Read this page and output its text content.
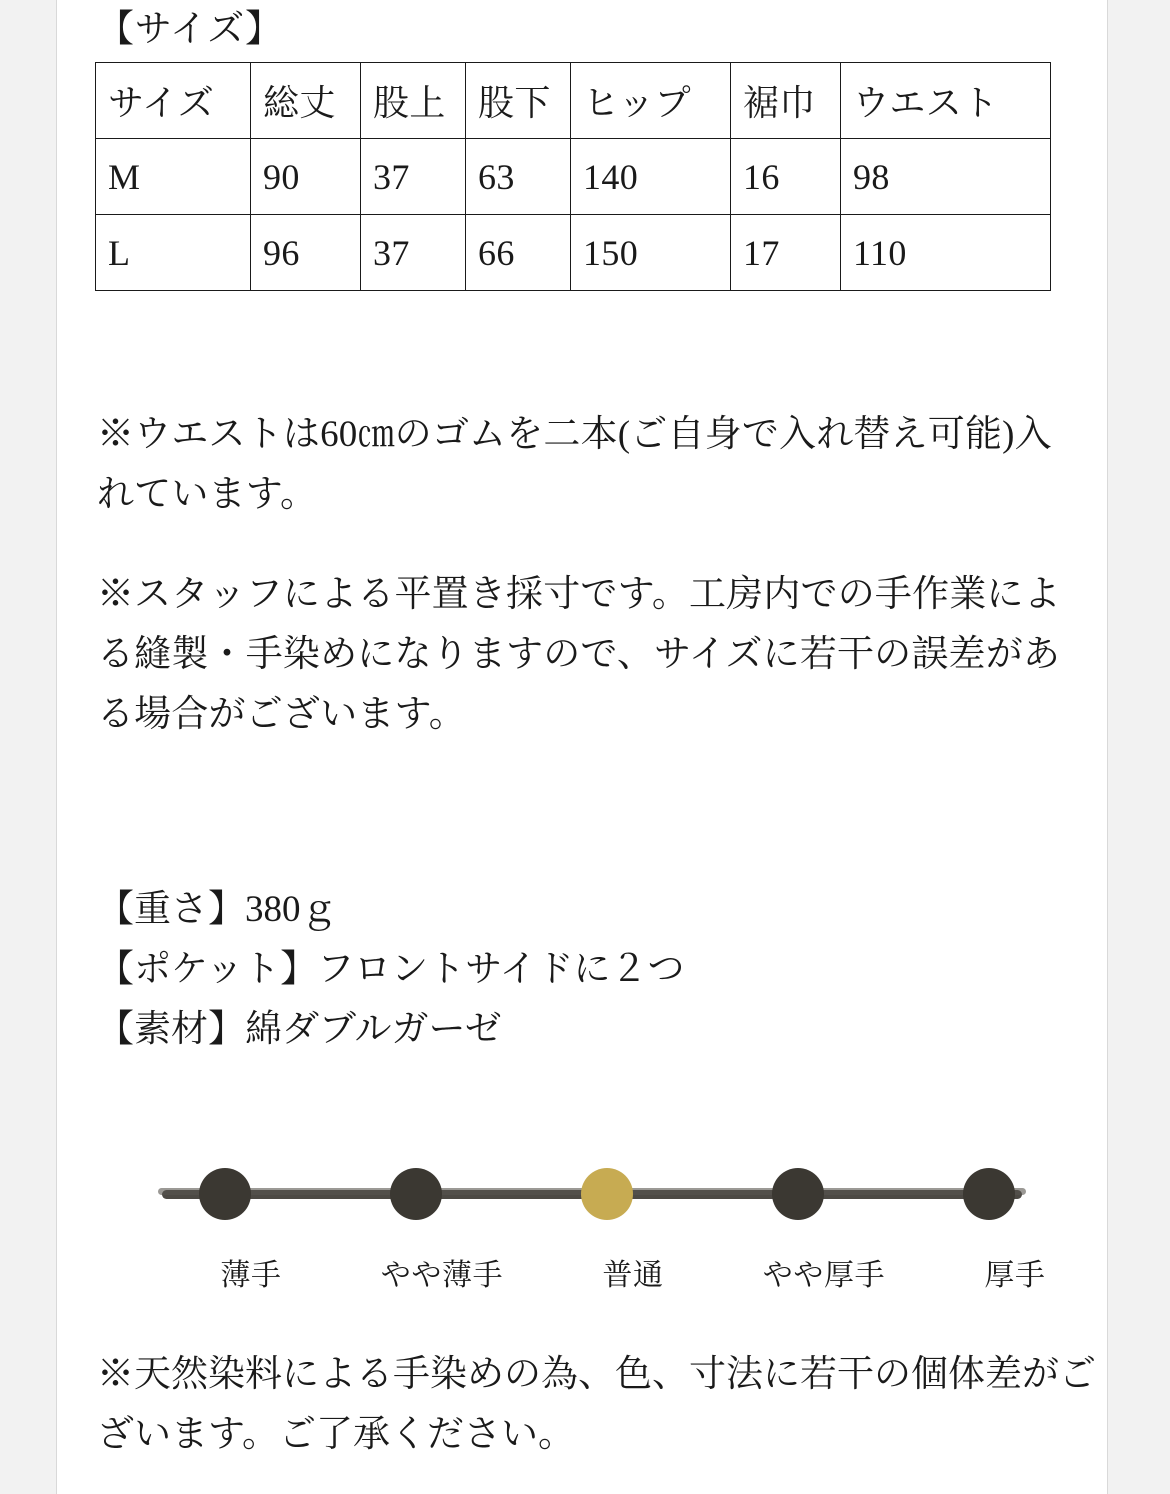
【サイズ】
サイズ	総丈	股上	股下	ヒップ	裾巾	ウエスト
M	90	37	63	140	16	98
L	96	37	66	150	17	110
※ウエストは60㎝のゴムを二本(ご自身で入れ替え可能)入れています。
※スタッフによる平置き採寸です。工房内での手作業による縫製・手染めになりますので、サイズに若干の誤差がある場合がございます。
【重さ】380ｇ
【ポケット】フロントサイドに２つ
【素材】綿ダブルガーゼ
薄手	やや薄手	普通	やや厚手	厚手
※天然染料による手染めの為、色、寸法に若干の個体差がございます。ご了承ください。
